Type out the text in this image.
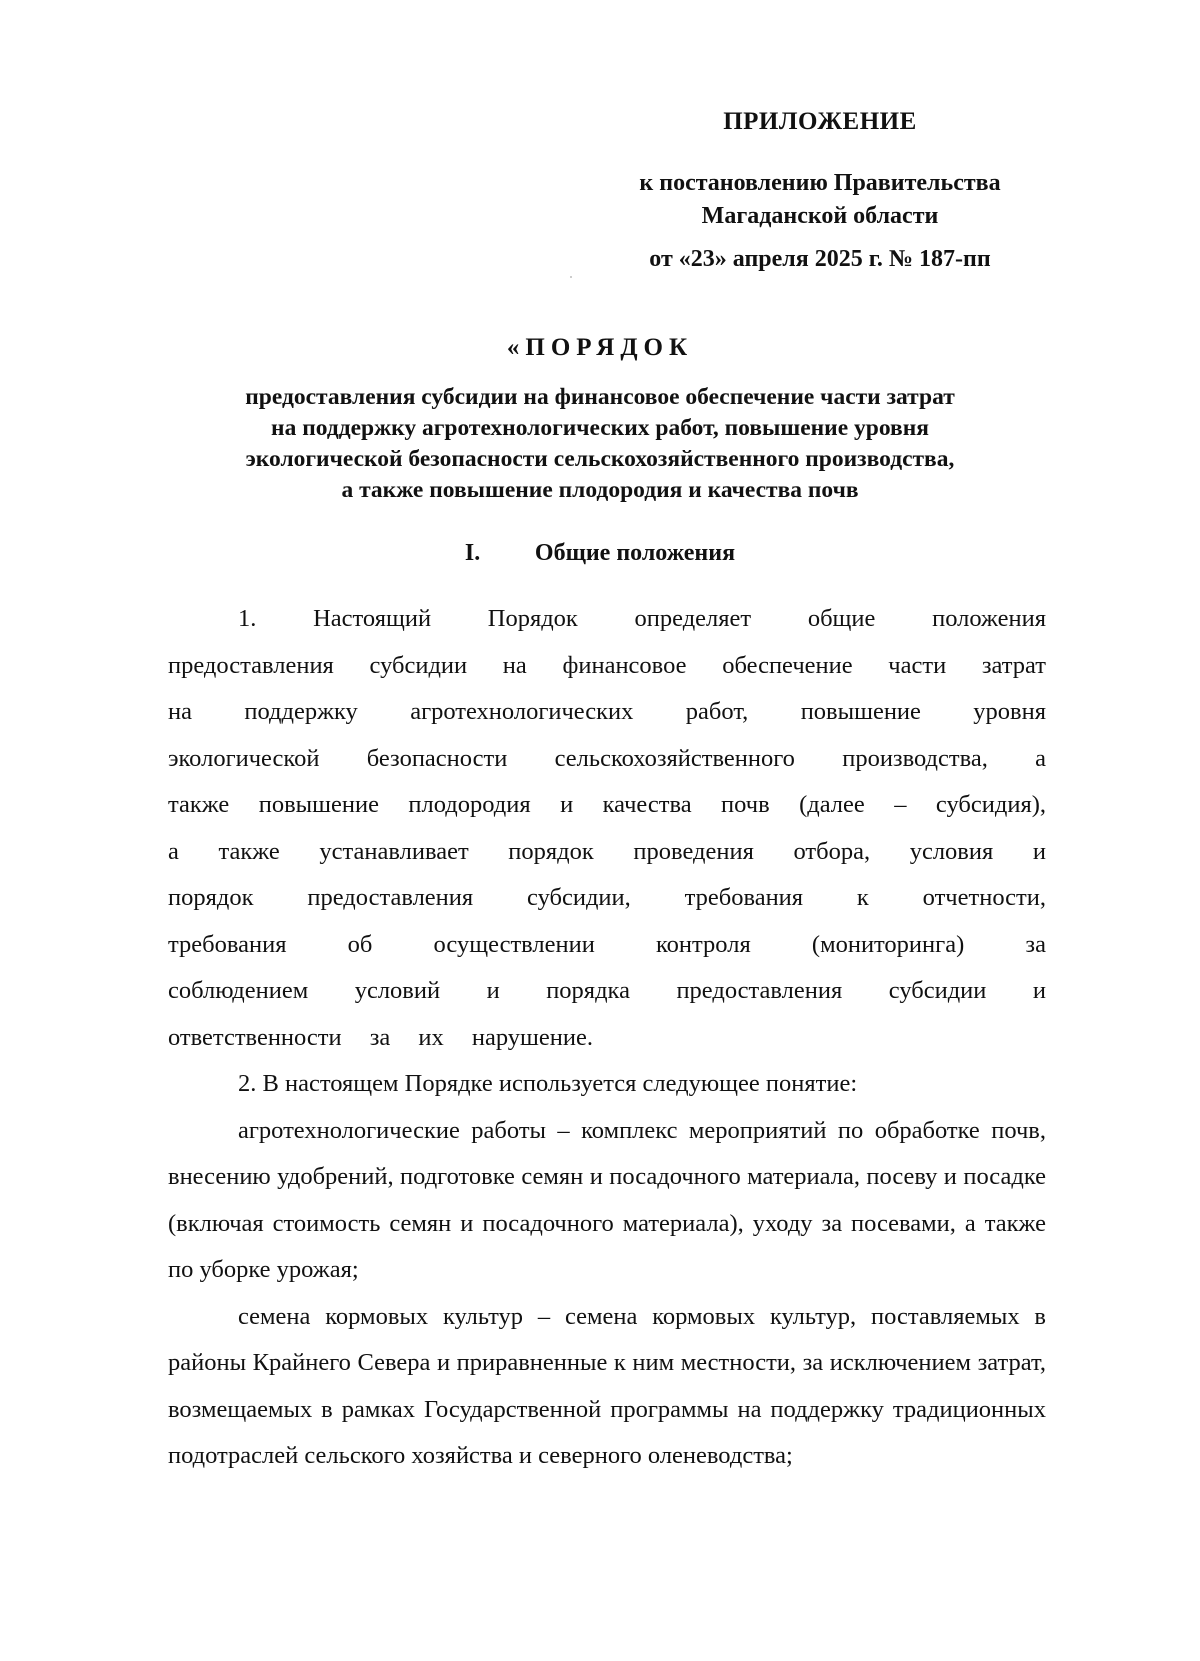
ПРИЛОЖЕНИЕ
к постановлению Правительства
Магаданской области
от «23» апреля 2025 г. № 187-пп
«ПОРЯДОК
предоставления субсидии на финансовое обеспечение части затрат
на поддержку агротехнологических работ, повышение уровня
экологической безопасности сельскохозяйственного производства,
а также повышение плодородия и качества почв
I. Общие положения

1. Настоящий Порядок определяет общие положения предоставления субсидии на финансовое обеспечение части затрат на поддержку агротехнологических работ, повышение уровня экологической безопасности сельскохозяйственного производства, а также повышение плодородия и качества почв (далее – субсидия), а также устанавливает порядок проведения отбора, условия и порядок предоставления субсидии, требования к отчетности, требования об осуществлении контроля (мониторинга) за соблюдением условий и порядка предоставления субсидии и ответственности за их нарушение.

2. В настоящем Порядке используется следующее понятие:

агротехнологические работы – комплекс мероприятий по обработке почв, внесению удобрений, подготовке семян и посадочного материала, посеву и посадке (включая стоимость семян и посадочного материала), уходу за посевами, а также по уборке урожая;

семена кормовых культур – семена кормовых культур, поставляемых в районы Крайнего Севера и приравненные к ним местности, за исключением затрат, возмещаемых в рамках Государственной программы на поддержку традиционных подотраслей сельского хозяйства и северного оленеводства;
